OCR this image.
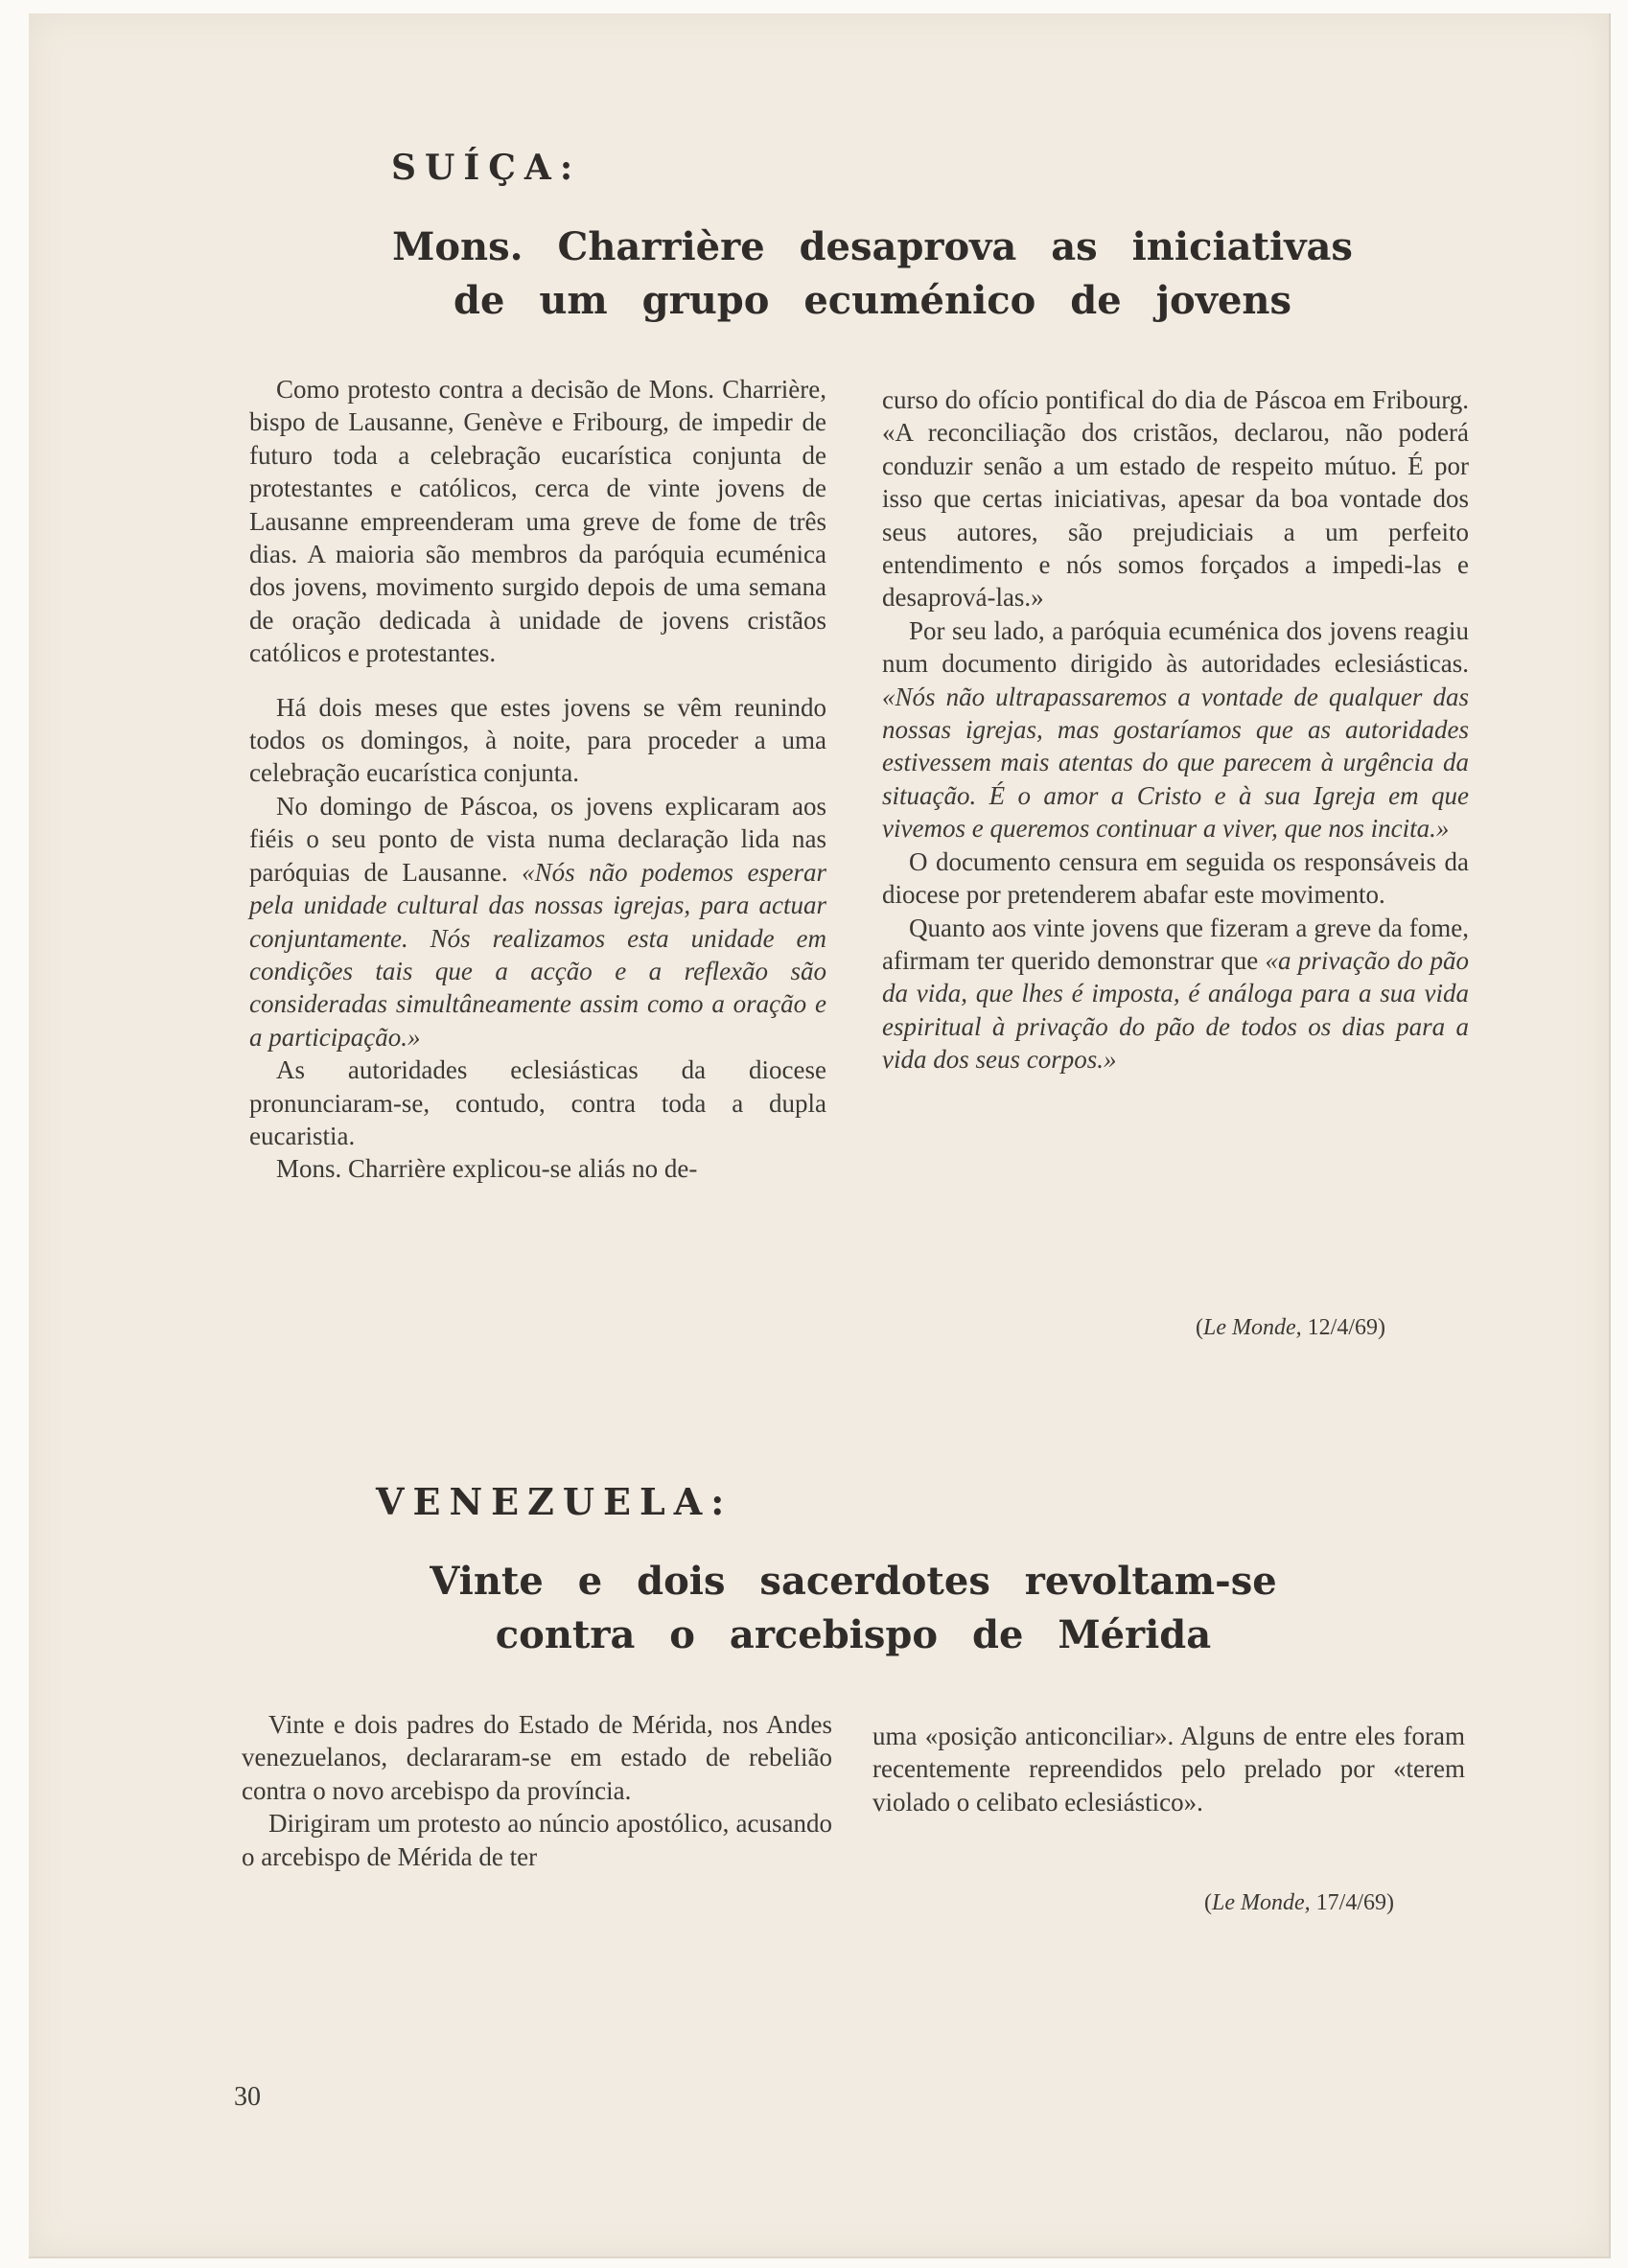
SUÍÇA:
Mons. Charrière desaprova as iniciativas
de um grupo ecuménico de jovens

Como protesto contra a decisão de Mons. Charrière, bispo de Lausanne, Genève e Fribourg, de impedir de futuro toda a celebração eucarística conjunta de protestantes e católicos, cerca de vinte jovens de Lausanne empreenderam uma greve de fome de três dias. A maioria são membros da paróquia ecuménica dos jovens, movimento surgido depois de uma semana de oração dedicada à unidade de jovens cristãos católicos e protestantes.

Há dois meses que estes jovens se vêm reunindo todos os domingos, à noite, para proceder a uma celebração eucarística conjunta.

No domingo de Páscoa, os jovens explicaram aos fiéis o seu ponto de vista numa declaração lida nas paróquias de Lausanne. «Nós não podemos esperar pela unidade cultural das nossas igrejas, para actuar conjuntamente. Nós realizamos esta unidade em condições tais que a acção e a reflexão são consideradas simultâneamente assim como a oração e a participação.»

As autoridades eclesiásticas da diocese pronunciaram-se, contudo, contra toda a dupla eucaristia.

Mons. Charrière explicou-se aliás no de-

curso do ofício pontifical do dia de Páscoa em Fribourg. «A reconciliação dos cristãos, declarou, não poderá conduzir senão a um estado de respeito mútuo. É por isso que certas iniciativas, apesar da boa vontade dos seus autores, são prejudiciais a um perfeito entendimento e nós somos forçados a impedi-las e desaprová-las.»

Por seu lado, a paróquia ecuménica dos jovens reagiu num documento dirigido às autoridades eclesiásticas. «Nós não ultrapassaremos a vontade de qualquer das nossas igrejas, mas gostaríamos que as autoridades estivessem mais atentas do que parecem à urgência da situação. É o amor a Cristo e à sua Igreja em que vivemos e queremos continuar a viver, que nos incita.»

O documento censura em seguida os responsáveis da diocese por pretenderem abafar este movimento.

Quanto aos vinte jovens que fizeram a greve da fome, afirmam ter querido demonstrar que «a privação do pão da vida, que lhes é imposta, é análoga para a sua vida espiritual à privação do pão de todos os dias para a vida dos seus corpos.»

(Le Monde, 12/4/69)
VENEZUELA:
Vinte e dois sacerdotes revoltam-se
contra o arcebispo de Mérida

Vinte e dois padres do Estado de Mérida, nos Andes venezuelanos, declararam-se em estado de rebelião contra o novo arcebispo da província.

Dirigiram um protesto ao núncio apostólico, acusando o arcebispo de Mérida de ter

uma «posição anticonciliar». Alguns de entre eles foram recentemente repreendidos pelo prelado por «terem violado o celibato eclesiástico».

(Le Monde, 17/4/69)
30
